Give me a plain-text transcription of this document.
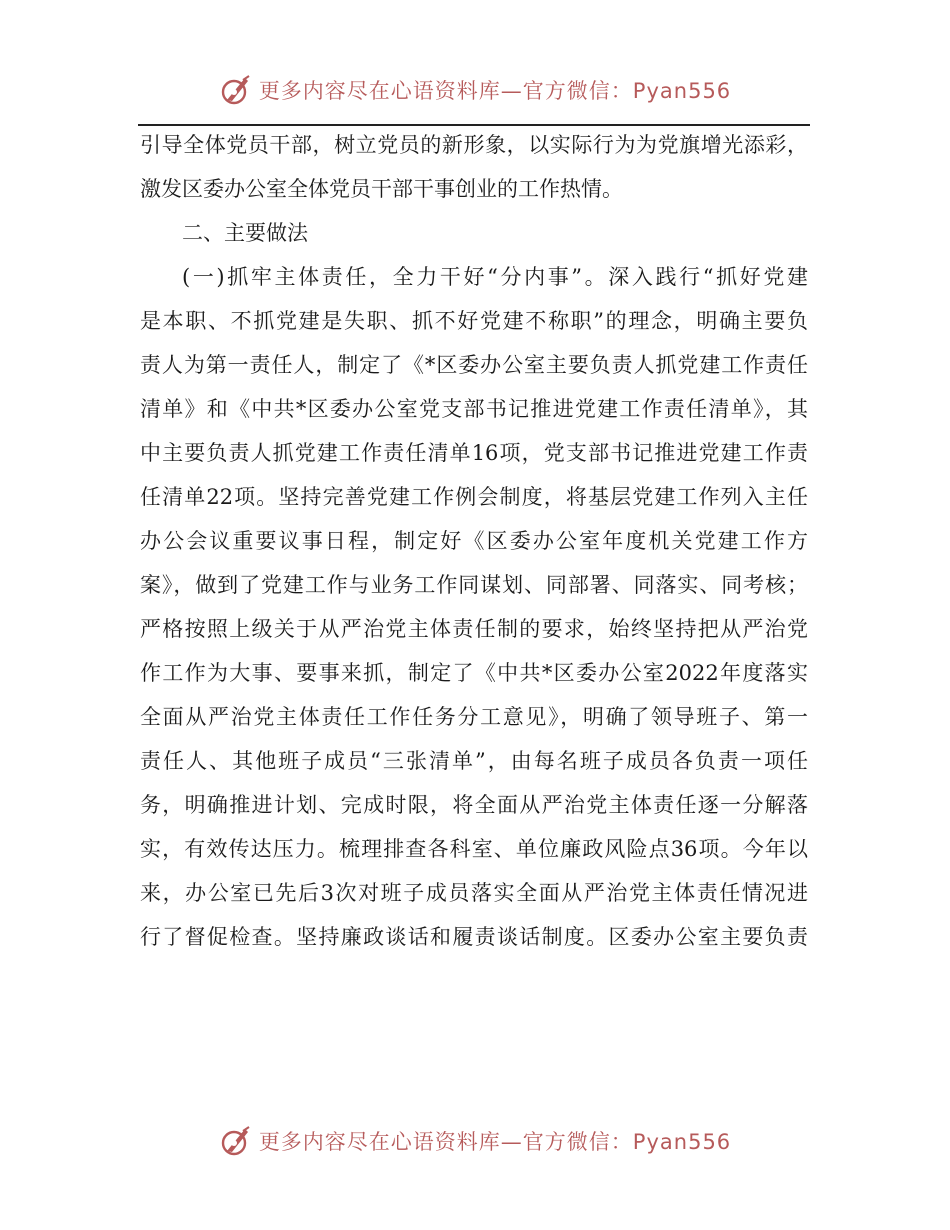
更多内容尽在心语资料库—官方微信：Pyan556
引导全体党员干部，树立党员的新形象，以实际行为为党旗增光添彩，
激发区委办公室全体党员干部干事创业的工作热情。
二、主要做法
(一)抓牢主体责任，全力干好“分内事”。深入践行“抓好党建
是本职、不抓党建是失职、抓不好党建不称职”的理念，明确主要负
责人为第一责任人，制定了《*区委办公室主要负责人抓党建工作责任
清单》和《中共*区委办公室党支部书记推进党建工作责任清单》，其
中主要负责人抓党建工作责任清单16项，党支部书记推进党建工作责
任清单22项。坚持完善党建工作例会制度，将基层党建工作列入主任
办公会议重要议事日程，制定好《区委办公室年度机关党建工作方
案》，做到了党建工作与业务工作同谋划、同部署、同落实、同考核；
严格按照上级关于从严治党主体责任制的要求，始终坚持把从严治党
作工作为大事、要事来抓，制定了《中共*区委办公室2022年度落实
全面从严治党主体责任工作任务分工意见》，明确了领导班子、第一
责任人、其他班子成员“三张清单”，由每名班子成员各负责一项任
务，明确推进计划、完成时限，将全面从严治党主体责任逐一分解落
实，有效传达压力。梳理排查各科室、单位廉政风险点36项。今年以
来，办公室已先后3次对班子成员落实全面从严治党主体责任情况进
行了督促检查。坚持廉政谈话和履责谈话制度。区委办公室主要负责
更多内容尽在心语资料库—官方微信：Pyan556
